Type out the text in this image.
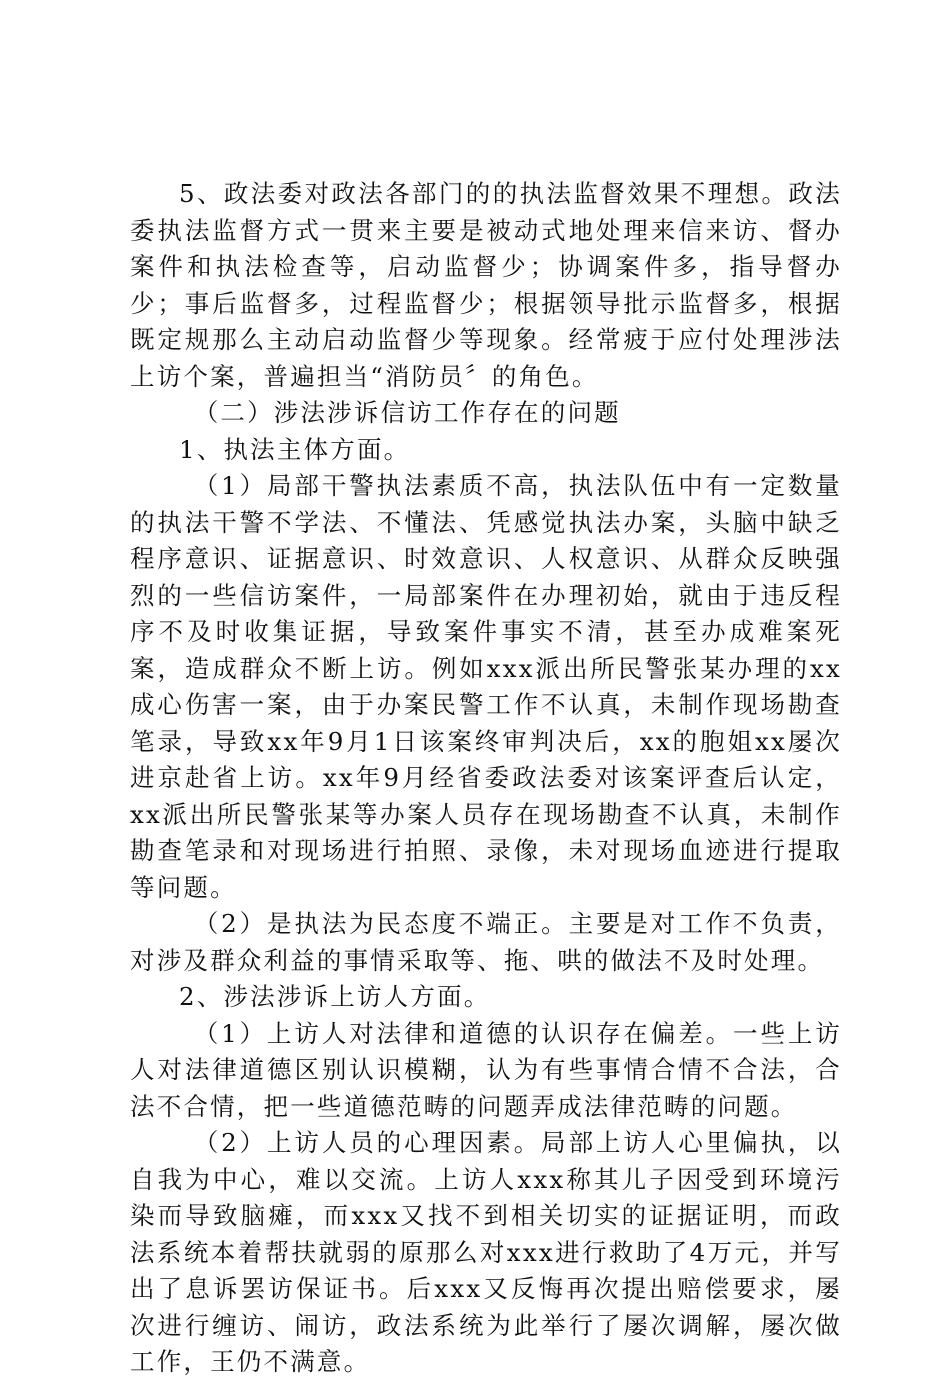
5、政法委对政法各部门的的执法监督效果不理想。政法委执法监督方式一贯来主要是被动式地处理来信来访、督办案件和执法检查等，启动监督少；协调案件多，指导督办少；事后监督多，过程监督少；根据领导批示监督多，根据既定规那么主动启动监督少等现象。经常疲于应付处理涉法上访个案，普遍担当“消防员〞的角色。

（二）涉法涉诉信访工作存在的问题

1、执法主体方面。

（1）局部干警执法素质不高，执法队伍中有一定数量的执法干警不学法、不懂法、凭感觉执法办案，头脑中缺乏程序意识、证据意识、时效意识、人权意识、从群众反映强烈的一些信访案件，一局部案件在办理初始，就由于违反程序不及时收集证据，导致案件事实不清，甚至办成难案死案，造成群众不断上访。例如xxx派出所民警张某办理的xx成心伤害一案，由于办案民警工作不认真，未制作现场勘查笔录，导致xx年9月1日该案终审判决后，xx的胞姐xx屡次进京赴省上访。xx年9月经省委政法委对该案评查后认定，xx派出所民警张某等办案人员存在现场勘查不认真，未制作勘查笔录和对现场进行拍照、录像，未对现场血迹进行提取等问题。

（2）是执法为民态度不端正。主要是对工作不负责，对涉及群众利益的事情采取等、拖、哄的做法不及时处理。

2、涉法涉诉上访人方面。

（1）上访人对法律和道德的认识存在偏差。一些上访人对法律道德区别认识模糊，认为有些事情合情不合法，合法不合情，把一些道德范畴的问题弄成法律范畴的问题。

（2）上访人员的心理因素。局部上访人心里偏执，以自我为中心，难以交流。上访人xxx称其儿子因受到环境污染而导致脑瘫，而xxx又找不到相关切实的证据证明，而政法系统本着帮扶就弱的原那么对xxx进行救助了4万元，并写出了息诉罢访保证书。后xxx又反悔再次提出赔偿要求，屡次进行缠访、闹访，政法系统为此举行了屡次调解，屡次做工作，王仍不满意。
